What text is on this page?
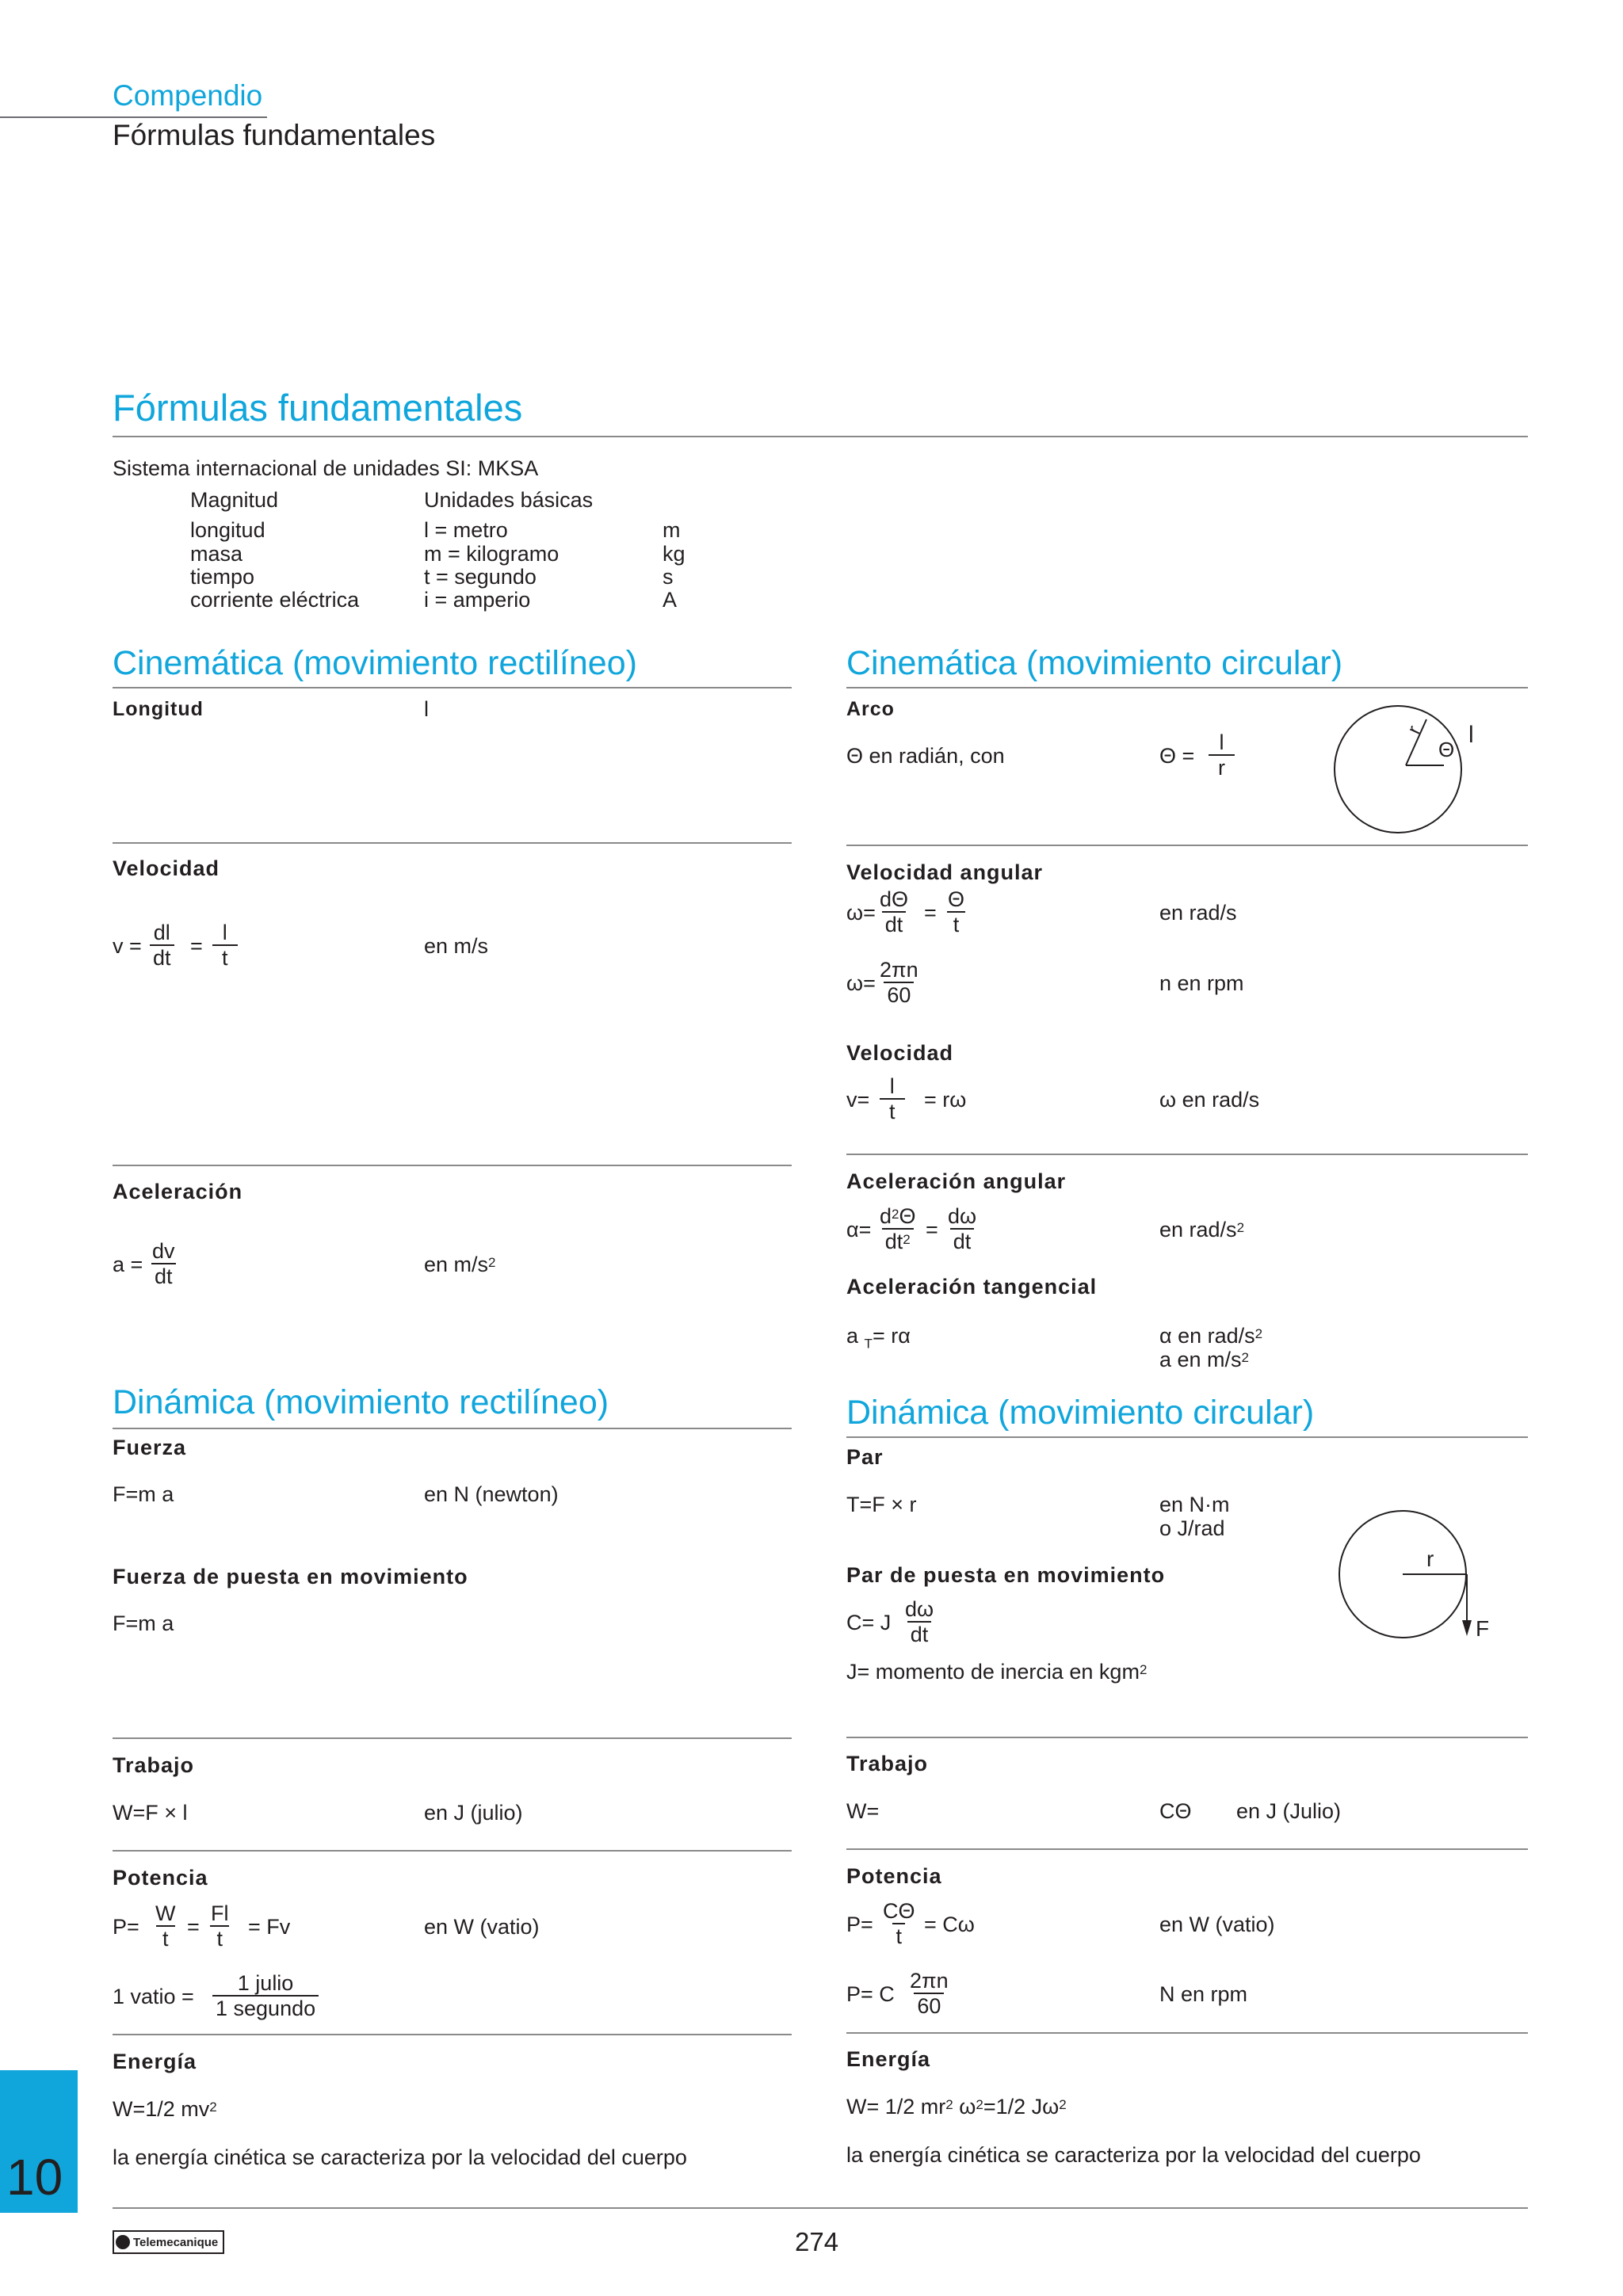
Compendio
Fórmulas fundamentales
Fórmulas fundamentales
Sistema internacional de unidades SI: MKSA
Magnitud	Unidades básicas
longitud	l = metro	m
masa	m = kilogramo	kg
tiempo	t = segundo	s
corriente eléctrica	i = amperio	A
Cinemática (movimiento rectilíneo)
Longitud	l
Velocidad
$v = \frac{dl}{dt} = \frac{l}{t}$	en m/s
Aceleración
$a = \frac{dv}{dt}$	en $m/s^2$
Dinámica (movimiento rectilíneo)
Fuerza
F=m a	en N (newton)
Fuerza de puesta en movimiento
F=m a
Trabajo
W=F × l	en J (julio)
Potencia
$P= \frac{W}{t} = \frac{Fl}{t} = Fv$	en W (vatio)
1 vatio =
1 julio
1 segundo
Energía
W=1/2 $mv^2$
la energía cinética se caracteriza por la velocidad del cuerpo
Cinemática (movimiento circular)
Arco
Θ en radián, con	$\Theta = \frac{l}{r}$
r
Θ
l
Velocidad angular
$\omega= \frac{d\Theta}{dt} = \frac{\Theta}{t}$	en rad/s
$\omega= \frac{2\pi n}{60}$	n en rpm
Velocidad
$v= \frac{l}{t} = r\omega$	ω en rad/s
Aceleración angular
$\alpha= \frac{d^2\Theta}{dt^2} = \frac{d\omega}{dt}$	en rad/$s^2$
Aceleración tangencial
a $_T$= rα	α en rad/$s^2$
a en $m/s^2$
Dinámica (movimiento circular)
Par
T=F × r	en N·m
o J/rad
r
F
Par de puesta en movimiento
C= J $\frac{d\omega}{dt}$
J= momento de inercia en kgm$^2$
Trabajo
W=	CΘ en J (Julio)
Potencia
$P= \frac{C\Theta}{t} = C\omega$	en W (vatio)
P= C $\frac{2\pi n}{60}$	N en rpm
Energía
W= 1/2 $mr^2$ $\omega^2=1/2$ $J\omega^2$
la energía cinética se caracteriza por la velocidad del cuerpo
10
Telemecanique	274
